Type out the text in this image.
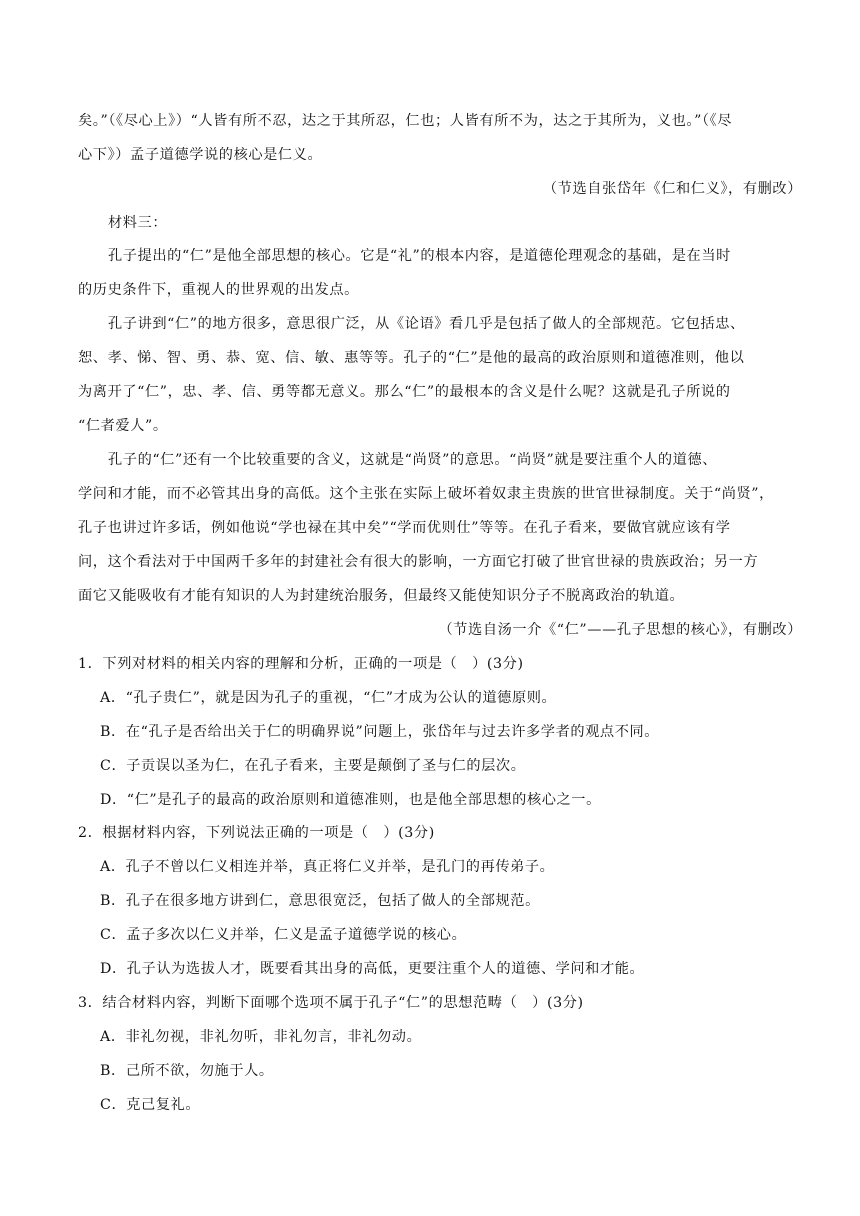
矣。”（《尽心上》）“人皆有所不忍，达之于其所忍，仁也；人皆有所不为，达之于其所为，义也。”（《尽
心下》）孟子道德学说的核心是仁义。
（节选自张岱年《仁和仁义》，有删改）
材料三：
孔子提出的“仁”是他全部思想的核心。它是“礼”的根本内容，是道德伦理观念的基础，是在当时
的历史条件下，重视人的世界观的出发点。
孔子讲到“仁”的地方很多，意思很广泛，从《论语》看几乎是包括了做人的全部规范。它包括忠、
恕、孝、悌、智、勇、恭、宽、信、敏、惠等等。孔子的“仁”是他的最高的政治原则和道德准则，他以
为离开了“仁”，忠、孝、信、勇等都无意义。那么“仁”的最根本的含义是什么呢？这就是孔子所说的
“仁者爱人”。
孔子的“仁”还有一个比较重要的含义，这就是“尚贤”的意思。“尚贤”就是要注重个人的道德、
学问和才能，而不必管其出身的高低。这个主张在实际上破坏着奴隶主贵族的世官世禄制度。关于“尚贤”，
孔子也讲过许多话，例如他说“学也禄在其中矣”“学而优则仕”等等。在孔子看来，要做官就应该有学
问，这个看法对于中国两千多年的封建社会有很大的影响，一方面它打破了世官世禄的贵族政治；另一方
面它又能吸收有才能有知识的人为封建统治服务，但最终又能使知识分子不脱离政治的轨道。
（节选自汤一介《“仁”——孔子思想的核心》，有删改）
1．下列对材料的相关内容的理解和分析，正确的一项是（　）(3分)
A．“孔子贵仁”，就是因为孔子的重视，“仁”才成为公认的道德原则。
B．在“孔子是否给出关于仁的明确界说”问题上，张岱年与过去许多学者的观点不同。
C．子贡误以圣为仁，在孔子看来，主要是颠倒了圣与仁的层次。
D．“仁”是孔子的最高的政治原则和道德准则，也是他全部思想的核心之一。
2．根据材料内容，下列说法正确的一项是（　）(3分)
A．孔子不曾以仁义相连并举，真正将仁义并举，是孔门的再传弟子。
B．孔子在很多地方讲到仁，意思很宽泛，包括了做人的全部规范。
C．孟子多次以仁义并举，仁义是孟子道德学说的核心。
D．孔子认为选拔人才，既要看其出身的高低，更要注重个人的道德、学问和才能。
3．结合材料内容，判断下面哪个选项不属于孔子“仁”的思想范畴（　）(3分)
A．非礼勿视，非礼勿听，非礼勿言，非礼勿动。
B．己所不欲，勿施于人。
C．克己复礼。
